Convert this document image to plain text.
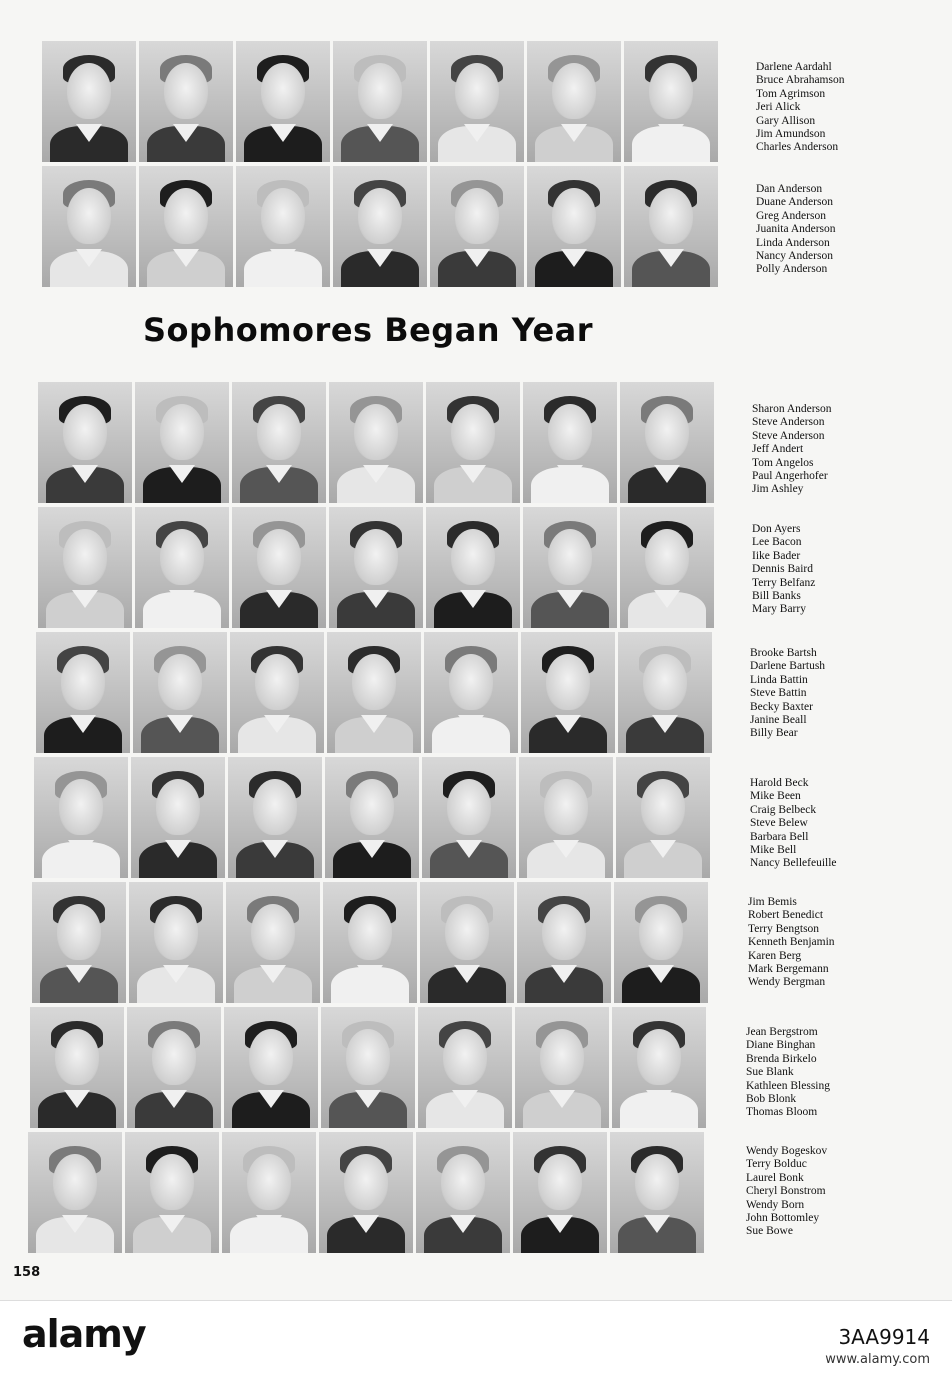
Sophomores Began Year
158
alamy	3AA9914
www.alamy.com
Darlene Aardahl
Bruce Abrahamson
Tom Agrimson
Jeri Alick
Gary Allison
Jim Amundson
Charles Anderson
Dan Anderson
Duane Anderson
Greg Anderson
Juanita Anderson
Linda Anderson
Nancy Anderson
Polly Anderson
Sharon Anderson
Steve Anderson
Steve Anderson
Jeff Andert
Tom Angelos
Paul Angerhofer
Jim Ashley
Don Ayers
Lee Bacon
Iike Bader
Dennis Baird
Terry Belfanz
Bill Banks
Mary Barry
Brooke Bartsh
Darlene Bartush
Linda Battin
Steve Battin
Becky Baxter
Janine Beall
Billy Bear
Harold Beck
Mike Been
Craig Belbeck
Steve Belew
Barbara Bell
Mike Bell
Nancy Bellefeuille
Jim Bemis
Robert Benedict
Terry Bengtson
Kenneth Benjamin
Karen Berg
Mark Bergemann
Wendy Bergman
Jean Bergstrom
Diane Binghan
Brenda Birkelo
Sue Blank
Kathleen Blessing
Bob Blonk
Thomas Bloom
Wendy Bogeskov
Terry Bolduc
Laurel Bonk
Cheryl Bonstrom
Wendy Born
John Bottomley
Sue Bowe
